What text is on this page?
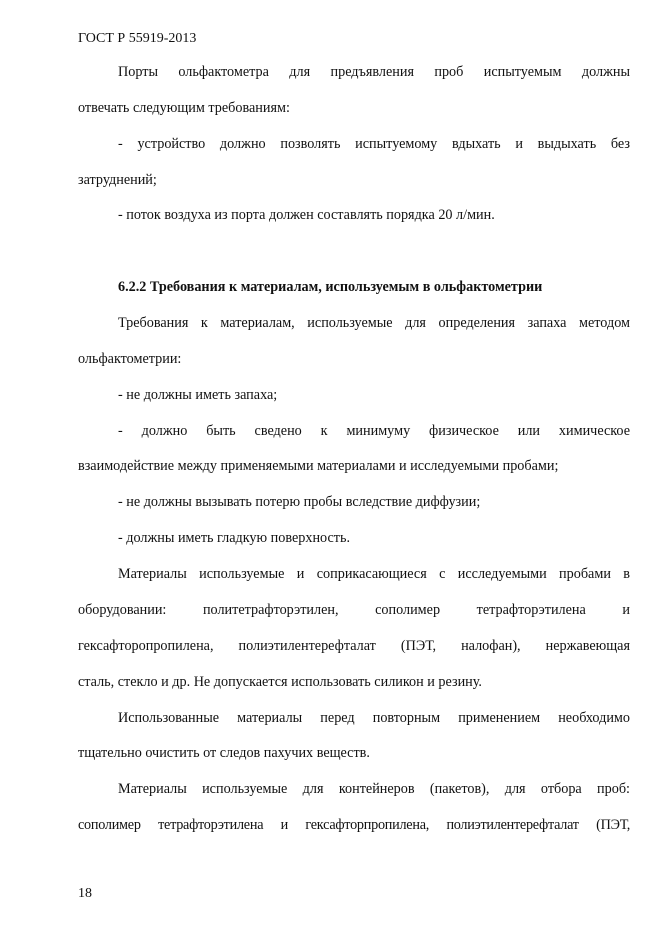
ГОСТ Р 55919-2013
Порты ольфактометра для предъявления проб испытуемым должны
отвечать следующим требованиям:
- устройство должно позволять испытуемому вдыхать и выдыхать без
затруднений;
- поток воздуха из порта должен составлять порядка 20 л/мин.
6.2.2 Требования к материалам, используемым в ольфактометрии
Требования к материалам, используемые для определения запаха методом
ольфактометрии:
- не должны иметь запаха;
- должно быть сведено к минимуму физическое или химическое
взаимодействие между применяемыми материалами и исследуемыми пробами;
- не должны вызывать потерю пробы вследствие диффузии;
- должны иметь гладкую поверхность.
Материалы используемые и соприкасающиеся с исследуемыми пробами в
оборудовании: политетрафторэтилен, сополимер тетрафторэтилена и
гексафторопропилена, полиэтилентерефталат (ПЭТ, налофан), нержавеющая
сталь, стекло и др. Не допускается использовать силикон и резину.
Использованные материалы перед повторным применением необходимо
тщательно очистить от следов пахучих веществ.
Материалы используемые для контейнеров (пакетов), для отбора проб:
сополимер тетрафторэтилена и гексафторпропилена, полиэтилентерефталат (ПЭТ,
18
